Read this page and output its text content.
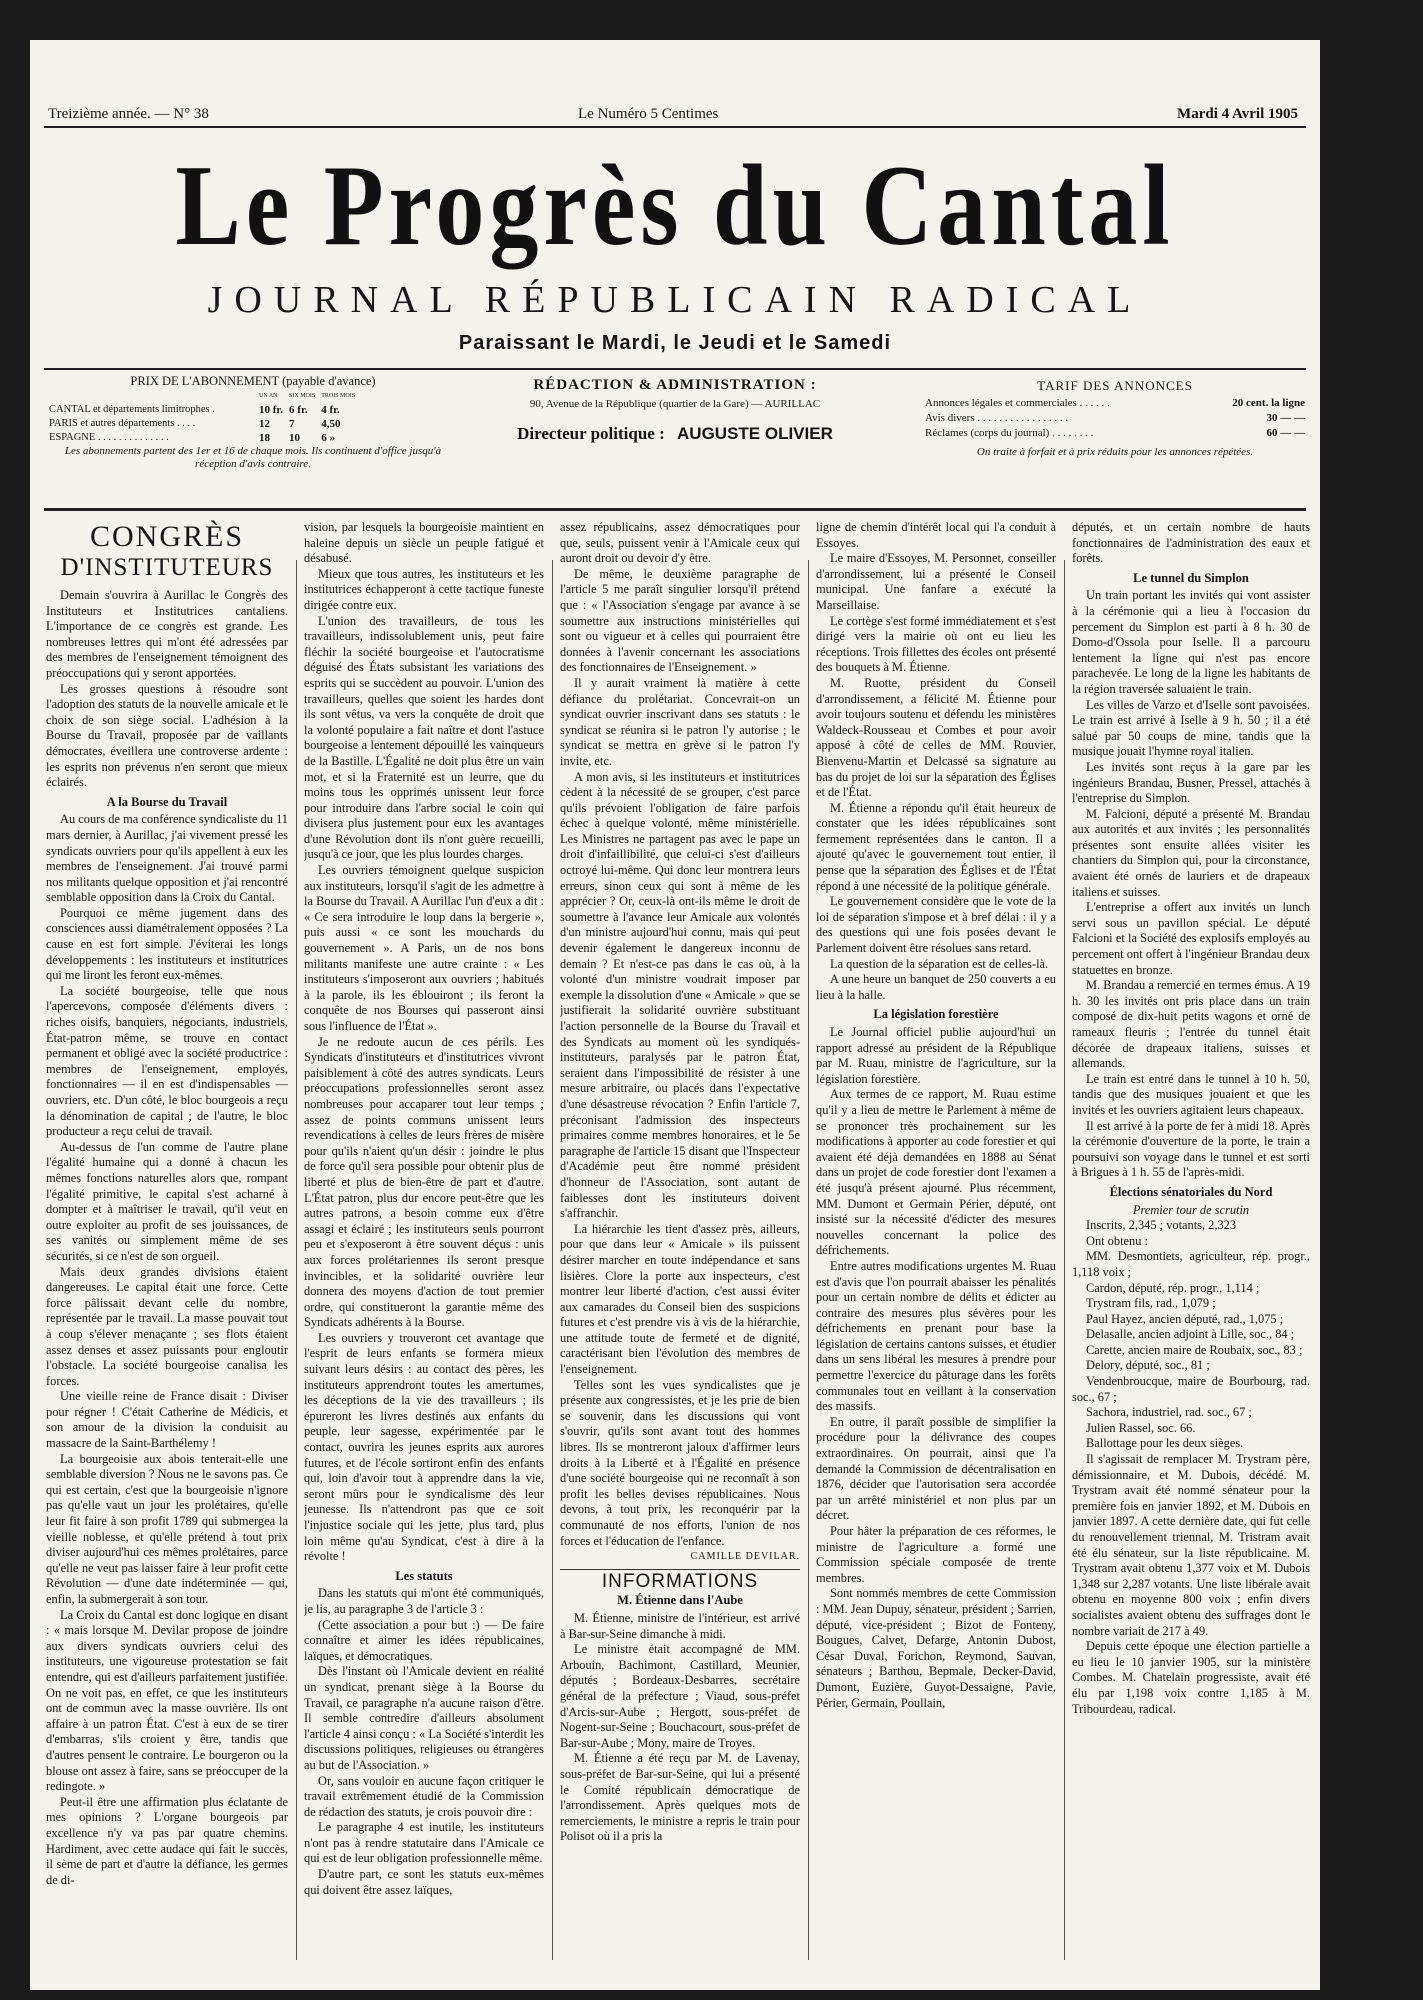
Treizième année. — N° 38	Le Numéro 5 Centimes	Mardi 4 Avril 1905
Le Progrès du Cantal
JOURNAL RÉPUBLICAIN RADICAL
Paraissant le Mardi, le Jeudi et le Samedi
PRIX DE L'ABONNEMENT (payable d'avance)
	UN AN	SIX MOIS	TROIS MOIS
CANTAL et départements limitrophes .	10 fr.	6 fr.	4 fr.
PARIS et autres départements . . . .	12	7	4,50
ESPAGNE . . . . . . . . . . . . . .	18	10	6 »
Les abonnements partent des 1er et 16 de chaque mois. Ils continuent d'office jusqu'à réception d'avis contraire.
RÉDACTION & ADMINISTRATION :
90, Avenue de la République (quartier de la Gare) — AURILLAC
Directeur politique : AUGUSTE OLIVIER
TARIF DES ANNONCES
Annonces légales et commerciales . . . . . .	20 cent. la ligne
Avis divers . . . . . . . . . . . . . . . . .	30 — —
Réclames (corps du journal) . . . . . . . .	60 — —
On traite à forfait et à prix réduits pour les annonces répétées.
CONGRÈS
D'INSTITUTEURS

Demain s'ouvrira à Aurillac le Congrès des Instituteurs et Institutrices cantaliens. L'importance de ce congrès est grande. Les nombreuses lettres qui m'ont été adressées par des membres de l'enseignement témoignent des préoccupations qui y seront apportées.

Les grosses questions à résoudre sont l'adoption des statuts de la nouvelle amicale et le choix de son siège social. L'adhésion à la Bourse du Travail, proposée par de vaillants démocrates, éveillera une controverse ardente : les esprits non prévenus n'en seront que mieux éclairés.

A la Bourse du Travail

Au cours de ma conférence syndicaliste du 11 mars dernier, à Aurillac, j'ai vivement pressé les syndicats ouvriers pour qu'ils appellent à eux les membres de l'enseignement. J'ai trouvé parmi nos militants quelque opposition et j'ai rencontré semblable opposition dans la Croix du Cantal.

Pourquoi ce même jugement dans des consciences aussi diamétralement opposées ? La cause en est fort simple. J'éviterai les longs développements : les instituteurs et institutrices qui me liront les feront eux-mêmes.

La société bourgeoise, telle que nous l'apercevons, composée d'éléments divers : riches oisifs, banquiers, négociants, industriels, État-patron même, se trouve en contact permanent et obligé avec la société productrice : membres de l'enseignement, employés, fonctionnaires — il en est d'indispensables — ouvriers, etc. D'un côté, le bloc bourgeois a reçu la dénomination de capital ; de l'autre, le bloc producteur a reçu celui de travail.

Au-dessus de l'un comme de l'autre plane l'égalité humaine qui a donné à chacun les mêmes fonctions naturelles alors que, rompant l'égalité primitive, le capital s'est acharné à dompter et à maîtriser le travail, qu'il veut en outre exploiter au profit de ses jouissances, de ses vanités ou simplement même de ses sécurités, si ce n'est de son orgueil.

Mais deux grandes divisions étaient dangereuses. Le capital était une force. Cette force pâlissait devant celle du nombre, représentée par le travail. La masse pouvait tout à coup s'élever menaçante ; ses flots étaient assez denses et assez puissants pour engloutir l'obstacle. La société bourgeoise canalisa les forces.

Une vieille reine de France disait : Diviser pour régner ! C'était Catherine de Médicis, et son amour de la division la conduisit au massacre de la Saint-Barthélemy !

La bourgeoisie aux abois tenterait-elle une semblable diversion ? Nous ne le savons pas. Ce qui est certain, c'est que la bourgeoisie n'ignore pas qu'elle vaut un jour les prolétaires, qu'elle leur fit faire à son profit 1789 qui submergea la vieille noblesse, et qu'elle prétend à tout prix diviser aujourd'hui ces mêmes prolétaires, parce qu'elle ne veut pas laisser faire à leur profit cette Révolution — d'une date indéterminée — qui, enfin, la submergerait à son tour.

La Croix du Cantal est donc logique en disant : « mais lorsque M. Devilar propose de joindre aux divers syndicats ouvriers celui des instituteurs, une vigoureuse protestation se fait entendre, qui est d'ailleurs parfaitement justifiée. On ne voit pas, en effet, ce que les instituteurs ont de commun avec la masse ouvrière. Ils ont affaire à un patron État. C'est à eux de se tirer d'embarras, s'ils croient y être, tandis que d'autres pensent le contraire. Le bourgeron ou la blouse ont assez à faire, sans se préoccuper de la redingote. »

Peut-il être une affirmation plus éclatante de mes opinions ? L'organe bourgeois par excellence n'y va pas par quatre chemins. Hardiment, avec cette audace qui fait le succès, il sème de part et d'autre la défiance, les germes de di-

vision, par lesquels la bourgeoisie maintient en haleine depuis un siècle un peuple fatigué et désabusé.

Mieux que tous autres, les instituteurs et les institutrices échapperont à cette tactique funeste dirigée contre eux.

L'union des travailleurs, de tous les travailleurs, indissolublement unis, peut faire fléchir la société bourgeoise et l'autocratisme déguisé des États subsistant les variations des esprits qui se succèdent au pouvoir. L'union des travailleurs, quelles que soient les hardes dont ils sont vêtus, va vers la conquête de droit que la volonté populaire a fait naître et dont l'astuce bourgeoise a lentement dépouillé les vainqueurs de la Bastille. L'Égalité ne doit plus être un vain mot, et si la Fraternité est un leurre, que du moins tous les opprimés unissent leur force pour introduire dans l'arbre social le coin qui divisera plus justement pour eux les avantages d'une Révolution dont ils n'ont guère recueilli, jusqu'à ce jour, que les plus lourdes charges.

Les ouvriers témoignent quelque suspicion aux instituteurs, lorsqu'il s'agit de les admettre à la Bourse du Travail. A Aurillac l'un d'eux a dit : « Ce sera introduire le loup dans la bergerie », puis aussi « ce sont les mouchards du gouvernement ». A Paris, un de nos bons militants manifeste une autre crainte : « Les instituteurs s'imposeront aux ouvriers ; habitués à la parole, ils les éblouiront ; ils feront la conquête de nos Bourses qui passeront ainsi sous l'influence de l'État ».

Je ne redoute aucun de ces périls. Les Syndicats d'instituteurs et d'institutrices vivront paisiblement à côté des autres syndicats. Leurs préoccupations professionnelles seront assez nombreuses pour accaparer tout leur temps ; assez de points communs unissent leurs revendications à celles de leurs frères de misère pour qu'ils n'aient qu'un désir : joindre le plus de force qu'il sera possible pour obtenir plus de liberté et plus de bien-être de part et d'autre. L'État patron, plus dur encore peut-être que les autres patrons, a besoin comme eux d'être assagi et éclairé ; les instituteurs seuls pourront peu et s'exposeront à être souvent déçus : unis aux forces prolétariennes ils seront presque invincibles, et la solidarité ouvrière leur donnera des moyens d'action de tout premier ordre, qui constitueront la garantie même des Syndicats adhérents à la Bourse.

Les ouvriers y trouveront cet avantage que l'esprit de leurs enfants se formera mieux suivant leurs désirs : au contact des pères, les instituteurs apprendront toutes les amertumes, les déceptions de la vie des travailleurs ; ils épureront les livres destinés aux enfants du peuple, leur sagesse, expérimentée par le contact, ouvrira les jeunes esprits aux aurores futures, et de l'école sortiront enfin des enfants qui, loin d'avoir tout à apprendre dans la vie, seront mûrs pour le syndicalisme dès leur jeunesse. Ils n'attendront pas que ce soit l'injustice sociale qui les jette, plus tard, plus loin même qu'au Syndicat, c'est à dire à la révolte !

Les statuts

Dans les statuts qui m'ont été communiqués, je lis, au paragraphe 3 de l'article 3 :

(Cette association a pour but :) — De faire connaître et aimer les idées républicaines, laïques, et démocratiques.

Dès l'instant où l'Amicale devient en réalité un syndicat, prenant siège à la Bourse du Travail, ce paragraphe n'a aucune raison d'être. Il semble contredire d'ailleurs absolument l'article 4 ainsi conçu : « La Société s'interdit les discussions politiques, religieuses ou étrangères au but de l'Association. »

Or, sans vouloir en aucune façon critiquer le travail extrêmement étudié de la Commission de rédaction des statuts, je crois pouvoir dire :

Le paragraphe 4 est inutile, les instituteurs n'ont pas à rendre statutaire dans l'Amicale ce qui est de leur obligation professionnelle même.

D'autre part, ce sont les statuts eux-mêmes qui doivent être assez laïques,

assez républicains, assez démocratiques pour que, seuls, puissent venir à l'Amicale ceux qui auront droit ou devoir d'y être.

De même, le deuxième paragraphe de l'article 5 me paraît singulier lorsqu'il prétend que : « l'Association s'engage par avance à se soumettre aux instructions ministérielles qui sont ou vigueur et à celles qui pourraient être données à l'avenir concernant les associations des fonctionnaires de l'Enseignement. »

Il y aurait vraiment là matière à cette défiance du prolétariat. Concevrait-on un syndicat ouvrier inscrivant dans ses statuts : le syndicat se réunira si le patron l'y autorise ; le syndicat se mettra en grève si le patron l'y invite, etc.

A mon avis, si les instituteurs et institutrices cèdent à la nécessité de se grouper, c'est parce qu'ils prévoient l'obligation de faire parfois échec à quelque volonté, même ministérielle. Les Ministres ne partagent pas avec le pape un droit d'infaillibilité, que celui-ci s'est d'ailleurs octroyé lui-même. Qui donc leur montrera leurs erreurs, sinon ceux qui sont à même de les apprécier ? Or, ceux-là ont-ils même le droit de soumettre à l'avance leur Amicale aux volontés d'un ministre aujourd'hui connu, mais qui peut devenir également le dangereux inconnu de demain ? Et n'est-ce pas dans le cas où, à la volonté d'un ministre voudrait imposer par exemple la dissolution d'une « Amicale » que se justifierait la solidarité ouvrière substituant l'action personnelle de la Bourse du Travail et des Syndicats au moment où les syndiqués-instituteurs, paralysés par le patron État, seraient dans l'impossibilité de résister à une mesure arbitraire, ou placés dans l'expectative d'une désastreuse révocation ? Enfin l'article 7, préconisant l'admission des inspecteurs primaires comme membres honoraires, et le 5e paragraphe de l'article 15 disant que l'Inspecteur d'Académie peut être nommé président d'honneur de l'Association, sont autant de faiblesses dont les instituteurs doivent s'affranchir.

La hiérarchie les tient d'assez près, ailleurs, pour que dans leur « Amicale » ils puissent désirer marcher en toute indépendance et sans lisières. Clore la porte aux inspecteurs, c'est montrer leur liberté d'action, c'est aussi éviter aux camarades du Conseil bien des suspicions futures et c'est prendre vis à vis de la hiérarchie, une attitude toute de fermeté et de dignité, caractérisant bien l'évolution des membres de l'enseignement.

Telles sont les vues syndicalistes que je présente aux congressistes, et je les prie de bien se souvenir, dans les discussions qui vont s'ouvrir, qu'ils sont avant tout des hommes libres. Ils se montreront jaloux d'affirmer leurs droits à la Liberté et à l'Égalité en présence d'une société bourgeoise qui ne reconnaît à son profit les belles devises républicaines. Nous devons, à tout prix, les reconquérir par la communauté de nos efforts, l'union de nos forces et l'éducation de l'enfance.

CAMILLE DEVILAR.
INFORMATIONS
M. Étienne dans l'Aube

M. Étienne, ministre de l'intérieur, est arrivé à Bar-sur-Seine dimanche à midi.

Le ministre était accompagné de MM. Arbouin, Bachimont, Castillard, Meunier, députés ; Bordeaux-Desbarres, secrétaire général de la préfecture ; Viaud, sous-préfet d'Arcis-sur-Aube ; Hergott, sous-préfet de Nogent-sur-Seine ; Bouchacourt, sous-préfet de Bar-sur-Aube ; Mony, maire de Troyes.

M. Étienne a été reçu par M. de Lavenay, sous-préfet de Bar-sur-Seine, qui lui a présenté le Comité républicain démocratique de l'arrondissement. Après quelques mots de remerciements, le ministre a repris le train pour Polisot où il a pris la

ligne de chemin d'intérêt local qui l'a conduit à Essoyes.

Le maire d'Essoyes, M. Personnet, conseiller d'arrondissement, lui a présenté le Conseil municipal. Une fanfare a exécuté la Marseillaise.

Le cortège s'est formé immédiatement et s'est dirigé vers la mairie où ont eu lieu les réceptions. Trois fillettes des écoles ont présenté des bouquets à M. Étienne.

M. Ruotte, président du Conseil d'arrondissement, a félicité M. Étienne pour avoir toujours soutenu et défendu les ministères Waldeck-Rousseau et Combes et pour avoir apposé à côté de celles de MM. Rouvier, Bienvenu-Martin et Delcassé sa signature au bas du projet de loi sur la séparation des Églises et de l'État.

M. Étienne a répondu qu'il était heureux de constater que les idées républicaines sont fermement représentées dans le canton. Il a ajouté qu'avec le gouvernement tout entier, il pense que la séparation des Églises et de l'État répond à une nécessité de la politique générale.

Le gouvernement considère que le vote de la loi de séparation s'impose et à bref délai : il y a des questions qui une fois posées devant le Parlement doivent être résolues sans retard.

La question de la séparation est de celles-là.

A une heure un banquet de 250 couverts a eu lieu à la halle.

La législation forestière

Le Journal officiel publie aujourd'hui un rapport adressé au président de la République par M. Ruau, ministre de l'agriculture, sur la législation forestière.

Aux termes de ce rapport, M. Ruau estime qu'il y a lieu de mettre le Parlement à même de se prononcer très prochainement sur les modifications à apporter au code forestier et qui avaient été déjà demandées en 1888 au Sénat dans un projet de code forestier dont l'examen a été jusqu'à présent ajourné. Plus récemment, MM. Dumont et Germain Périer, député, ont insisté sur la nécessité d'édicter des mesures nouvelles concernant la police des défrichements.

Entre autres modifications urgentes M. Ruau est d'avis que l'on pourrait abaisser les pénalités pour un certain nombre de délits et édicter au contraire des mesures plus sévères pour les défrichements en prenant pour base la législation de certains cantons suisses, et étudier dans un sens libéral les mesures à prendre pour permettre l'exercice du pâturage dans les forêts communales tout en veillant à la conservation des massifs.

En outre, il paraît possible de simplifier la procédure pour la délivrance des coupes extraordinaires. On pourrait, ainsi que l'a demandé la Commission de décentralisation en 1876, décider que l'autorisation sera accordée par un arrêté ministériel et non plus par un décret.

Pour hâter la préparation de ces réformes, le ministre de l'agriculture a formé une Commission spéciale composée de trente membres.

Sont nommés membres de cette Commission : MM. Jean Dupuy, sénateur, président ; Sarrien, député, vice-président ; Bizot de Fonteny, Bougues, Calvet, Defarge, Antonin Dubost, César Duval, Forichon, Reymond, Sauvan, sénateurs ; Barthou, Bepmale, Decker-David, Dumont, Euzière, Guyot-Dessaigne, Pavie, Périer, Germain, Poullain,

députés, et un certain nombre de hauts fonctionnaires de l'administration des eaux et forêts.

Le tunnel du Simplon

Un train portant les invités qui vont assister à la cérémonie qui a lieu à l'occasion du percement du Simplon est parti à 8 h. 30 de Domo-d'Ossola pour Iselle. Il a parcouru lentement la ligne qui n'est pas encore parachevée. Le long de la ligne les habitants de la région traversée saluaient le train.

Les villes de Varzo et d'Iselle sont pavoisées. Le train est arrivé à Iselle à 9 h. 50 ; il a été salué par 50 coups de mine, tandis que la musique jouait l'hymne royal italien.

Les invités sont reçus à la gare par les ingénieurs Brandau, Busner, Pressel, attachés à l'entreprise du Simplon.

M. Falcioni, député a présenté M. Brandau aux autorités et aux invités ; les personnalités présentes sont ensuite allées visiter les chantiers du Simplon qui, pour la circonstance, avaient été ornés de lauriers et de drapeaux italiens et suisses.

L'entreprise a offert aux invités un lunch servi sous un pavillon spécial. Le député Falcioni et la Société des explosifs employés au percement ont offert à l'ingénieur Brandau deux statuettes en bronze.

M. Brandau a remercié en termes émus. A 19 h. 30 les invités ont pris place dans un train composé de dix-huit petits wagons et orné de rameaux fleuris ; l'entrée du tunnel était décorée de drapeaux italiens, suisses et allemands.

Le train est entré dans le tunnel à 10 h. 50, tandis que des musiques jouaient et que les invités et les ouvriers agitaient leurs chapeaux.

Il est arrivé à la porte de fer à midi 18. Après la cérémonie d'ouverture de la porte, le train a poursuivi son voyage dans le tunnel et est sorti à Brigues à 1 h. 55 de l'après-midi.

Élections sénatoriales du Nord
Premier tour de scrutin

Inscrits, 2,345 ; votants, 2,323

Ont obtenu :

MM. Desmontiets, agriculteur, rép. progr., 1,118 voix ;

Cardon, député, rép. progr., 1,114 ;

Trystram fils, rad., 1,079 ;

Paul Hayez, ancien député, rad., 1,075 ;

Delasalle, ancien adjoint à Lille, soc., 84 ;

Carette, ancien maire de Roubaix, soc., 83 ;

Delory, député, soc., 81 ;

Vendenbroucque, maire de Bourbourg, rad. soc., 67 ;

Sachora, industriel, rad. soc., 67 ;

Julien Rassel, soc. 66.

Ballottage pour les deux sièges.

Il s'agissait de remplacer M. Trystram père, démissionnaire, et M. Dubois, décédé. M. Trystram avait été nommé sénateur pour la première fois en janvier 1892, et M. Dubois en janvier 1897. A cette dernière date, qui fut celle du renouvellement triennal, M. Tristram avait été élu sénateur, sur la liste républicaine. M. Trystram avait obtenu 1,377 voix et M. Dubois 1,348 sur 2,287 votants. Une liste libérale avait obtenu en moyenne 800 voix ; enfin divers socialistes avaient obtenu des suffrages dont le nombre variait de 217 à 49.

Depuis cette époque une élection partielle a eu lieu le 10 janvier 1905, sur la ministère Combes. M. Chatelain progressiste, avait été élu par 1,198 voix contre 1,185 à M. Tribourdeau, radical.
